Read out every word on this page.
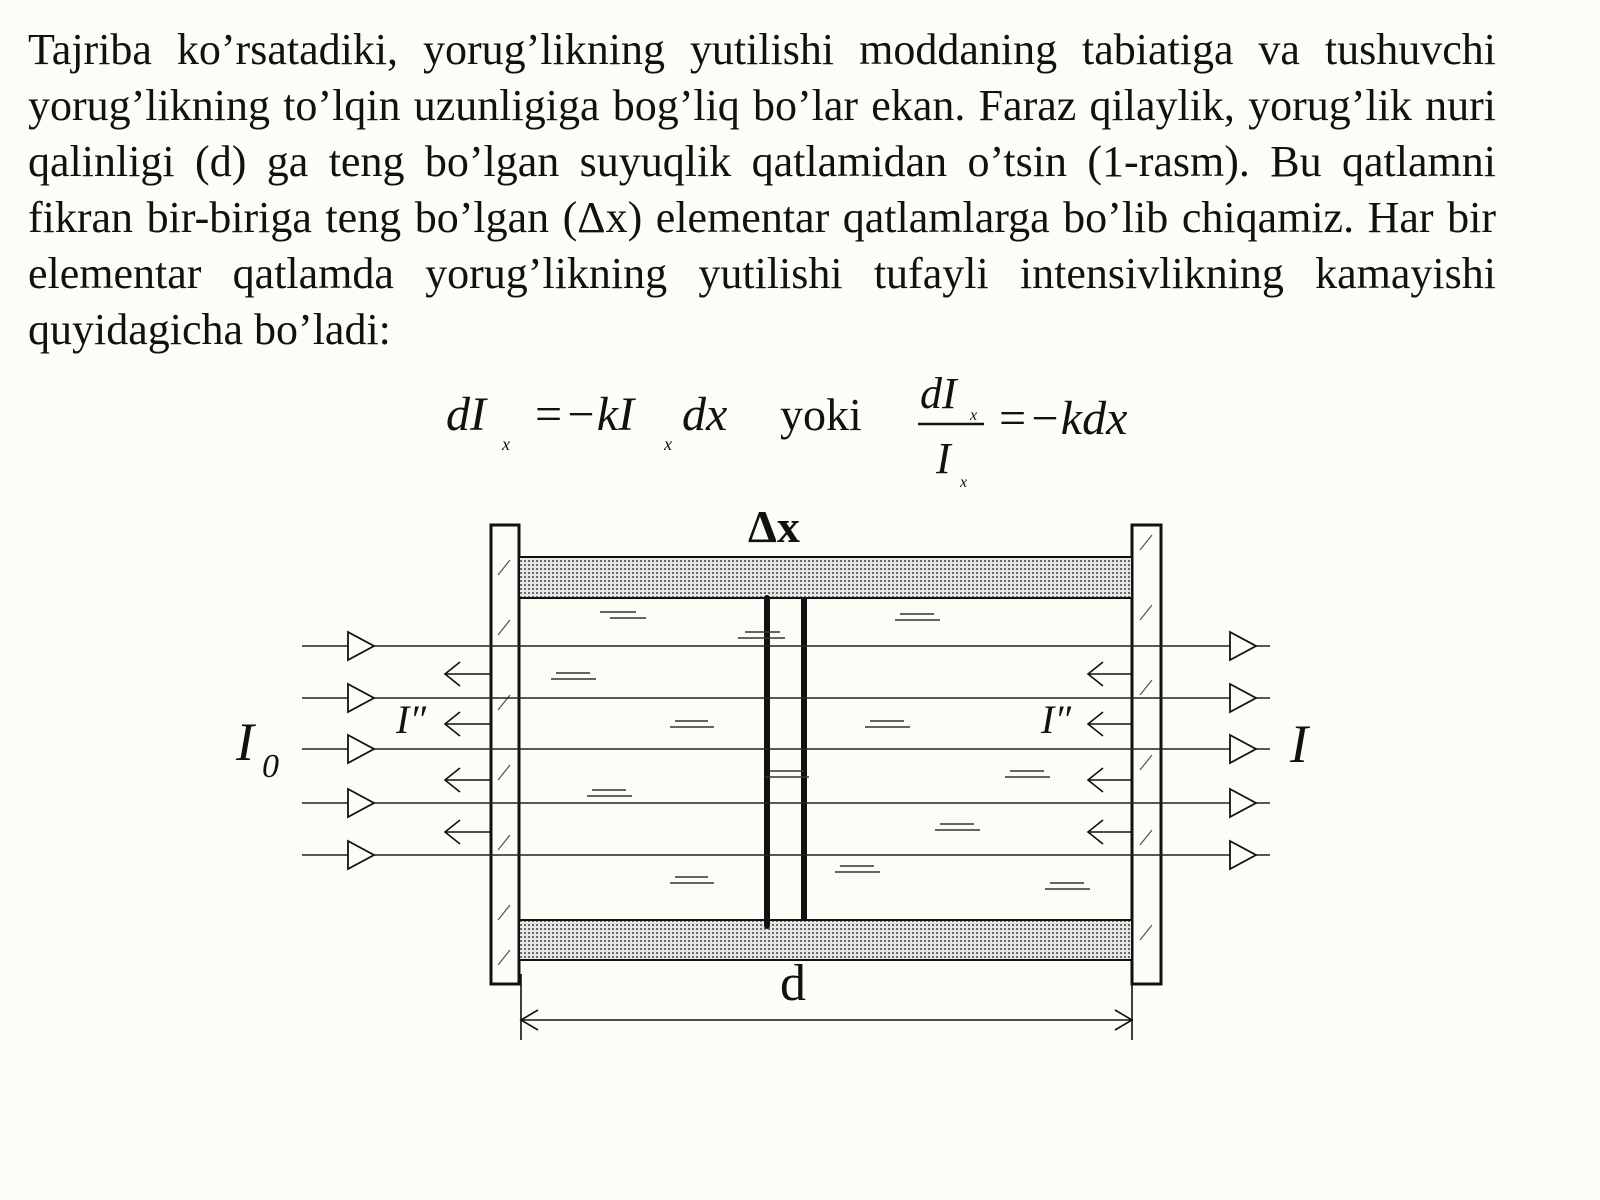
Tajriba ko’rsatadiki, yorug’likning yutilishi moddaning tabiatiga va tushuvchi yorug’likning to’lqin uzunligiga bog’liq bo’lar ekan. Faraz qilaylik, yorug’lik nuri qalinligi (d) ga teng bo’lgan suyuqlik qatlamidan o’tsin (1-rasm). Bu qatlamni fikran bir-biriga teng bo’lgan (Δx) elementar qatlamlarga bo’lib chiqamiz. Har bir elementar qatlamda yorug’likning yutilishi tufayli intensivlikning kamayishi quyidagicha bo’ladi:

dI
x
=−kI
x
dx yoki dI x
I x
=−kdx
Δx
I 0	I
I″	I″
d
